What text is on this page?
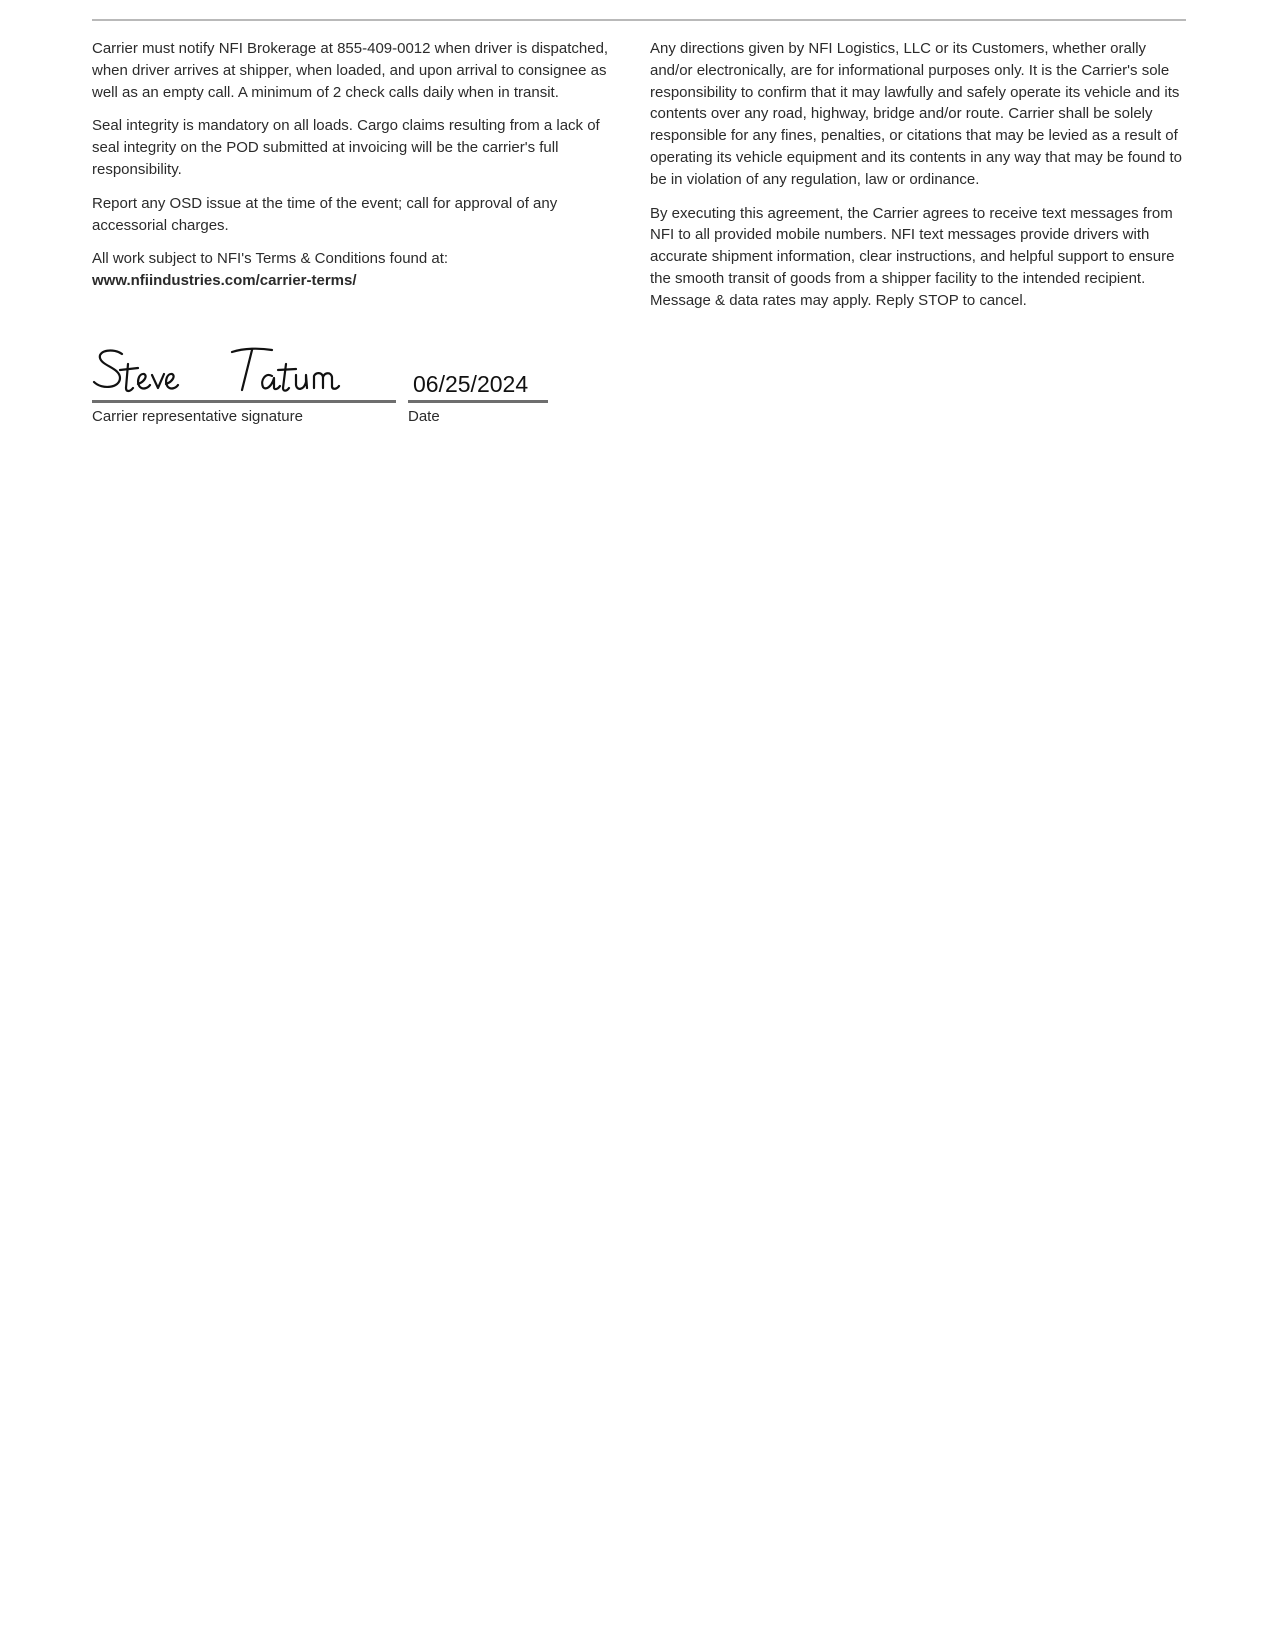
Carrier must notify NFI Brokerage at 855-409-0012 when driver is dispatched, when driver arrives at shipper, when loaded, and upon arrival to consignee as well as an empty call. A minimum of 2 check calls daily when in transit.

Seal integrity is mandatory on all loads. Cargo claims resulting from a lack of seal integrity on the POD submitted at invoicing will be the carrier's full responsibility.

Report any OSD issue at the time of the event; call for approval of any accessorial charges.

All work subject to NFI's Terms & Conditions found at:
www.nfiindustries.com/carrier-terms/

Any directions given by NFI Logistics, LLC or its Customers, whether orally and/or electronically, are for informational purposes only. It is the Carrier's sole responsibility to confirm that it may lawfully and safely operate its vehicle and its contents over any road, highway, bridge and/or route. Carrier shall be solely responsible for any fines, penalties, or citations that may be levied as a result of operating its vehicle equipment and its contents in any way that may be found to be in violation of any regulation, law or ordinance.

By executing this agreement, the Carrier agrees to receive text messages from NFI to all provided mobile numbers. NFI text messages provide drivers with accurate shipment information, clear instructions, and helpful support to ensure the smooth transit of goods from a shipper facility to the intended recipient. Message & data rates may apply. Reply STOP to cancel.

Carrier representative signature
06/25/2024
Date
